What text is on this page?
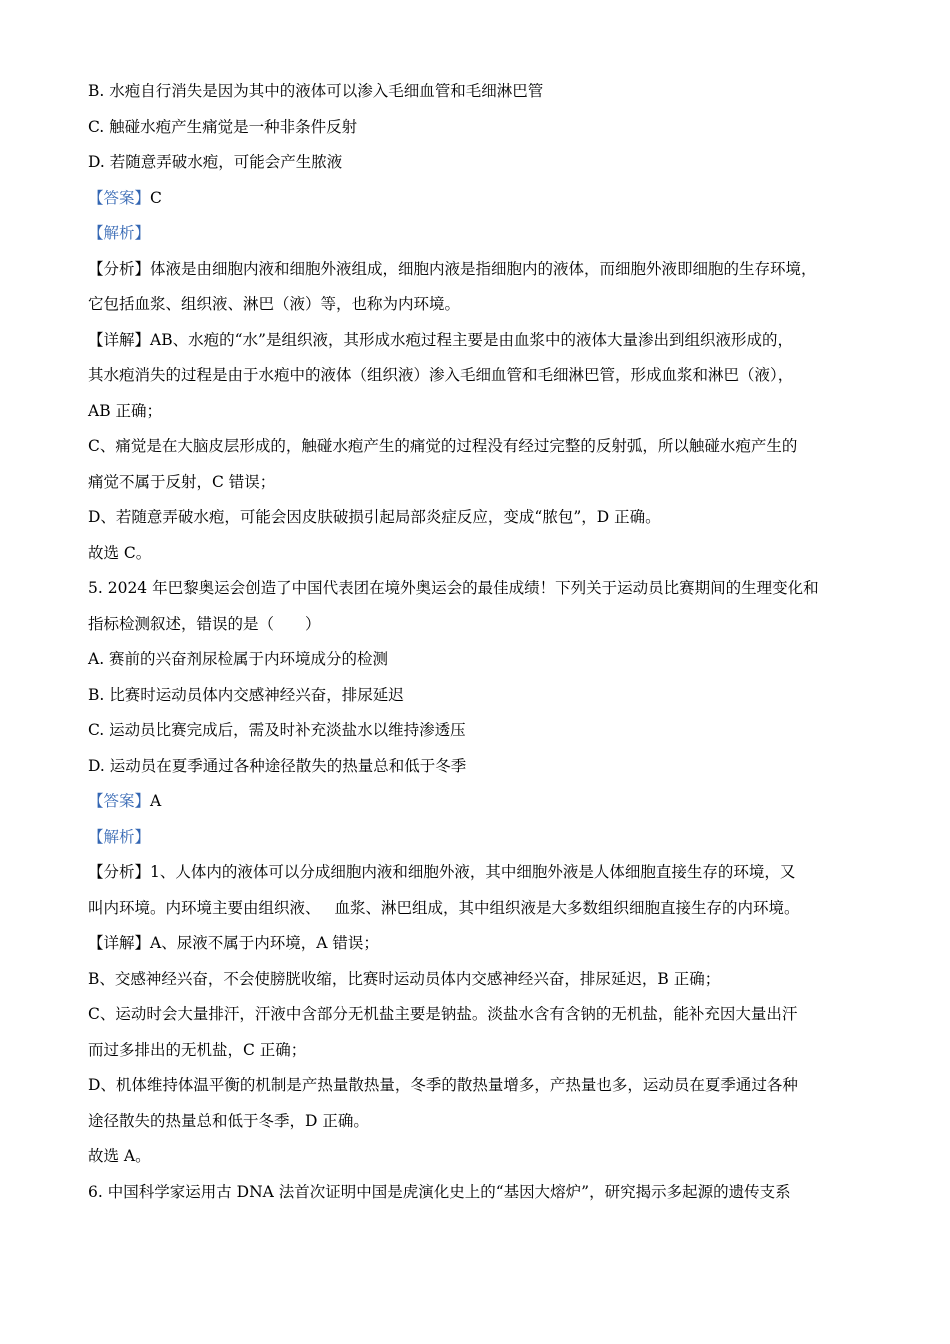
B. 水疱自行消失是因为其中的液体可以渗入毛细血管和毛细淋巴管
C. 触碰水疱产生痛觉是一种非条件反射
D. 若随意弄破水疱，可能会产生脓液
【答案】C
【解析】
【分析】体液是由细胞内液和细胞外液组成，细胞内液是指细胞内的液体，而细胞外液即细胞的生存环境，
它包括血浆、组织液、淋巴（液）等，也称为内环境。
【详解】AB、水疱的“水”是组织液，其形成水疱过程主要是由血浆中的液体大量渗出到组织液形成的，
其水疱消失的过程是由于水疱中的液体（组织液）渗入毛细血管和毛细淋巴管，形成血浆和淋巴（液），
AB 正确；
C、痛觉是在大脑皮层形成的，触碰水疱产生的痛觉的过程没有经过完整的反射弧，所以触碰水疱产生的
痛觉不属于反射，C 错误；
D、若随意弄破水疱，可能会因皮肤破损引起局部炎症反应，变成“脓包”，D 正确。
故选 C。
5. 2024 年巴黎奥运会创造了中国代表团在境外奥运会的最佳成绩！下列关于运动员比赛期间的生理变化和
指标检测叙述，错误的是（　　）
A. 赛前的兴奋剂尿检属于内环境成分的检测
B. 比赛时运动员体内交感神经兴奋，排尿延迟
C. 运动员比赛完成后，需及时补充淡盐水以维持渗透压
D. 运动员在夏季通过各种途径散失的热量总和低于冬季
【答案】A
【解析】
【分析】1、人体内的液体可以分成细胞内液和细胞外液，其中细胞外液是人体细胞直接生存的环境，又
叫内环境。内环境主要由组织液、 血浆、淋巴组成，其中组织液是大多数组织细胞直接生存的内环境。
【详解】A、尿液不属于内环境，A 错误；
B、交感神经兴奋，不会使膀胱收缩，比赛时运动员体内交感神经兴奋，排尿延迟，B 正确；
C、运动时会大量排汗，汗液中含部分无机盐主要是钠盐。淡盐水含有含钠的无机盐，能补充因大量出汗
而过多排出的无机盐，C 正确；
D、机体维持体温平衡的机制是产热量散热量，冬季的散热量增多，产热量也多，运动员在夏季通过各种
途径散失的热量总和低于冬季，D 正确。
故选 A。
6. 中国科学家运用古 DNA 法首次证明中国是虎演化史上的“基因大熔炉”，研究揭示多起源的遗传支系
